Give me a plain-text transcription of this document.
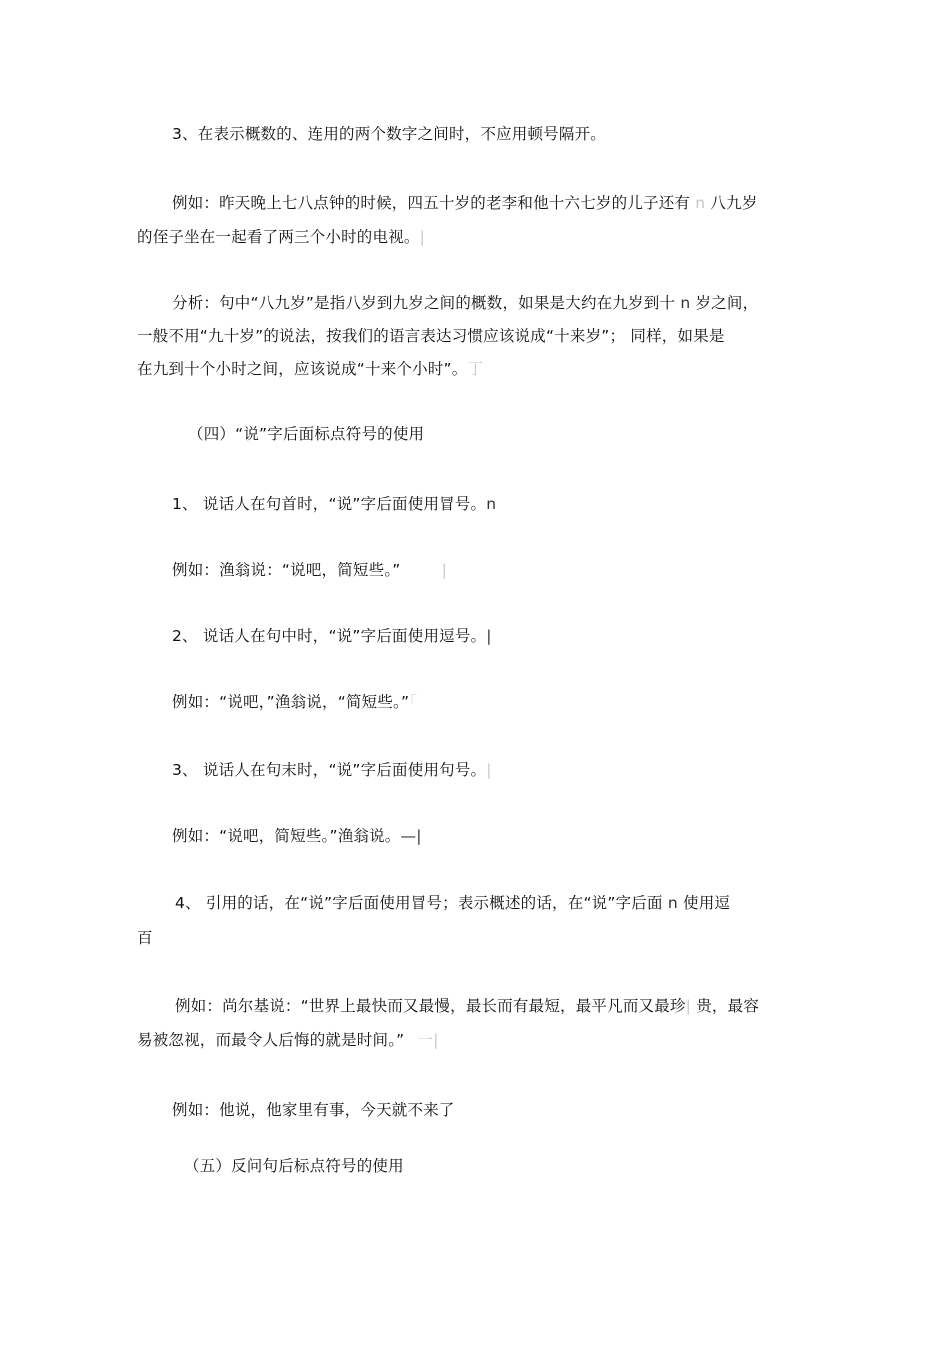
3、在表示概数的、连用的两个数字之间时，不应用顿号隔开。
例如：昨天晚上七八点钟的时候，四五十岁的老李和他十六七岁的儿子还有 n 八九岁
的侄子坐在一起看了两三个小时的电视。|
分析：句中“八九岁”是指八岁到九岁之间的概数，如果是大约在九岁到十 n 岁之间，
一般不用“九十岁”的说法，按我们的语言表达习惯应该说成“十来岁”； 同样，如果是
在九到十个小时之间，应该说成“十来个小时”。丁
（四）“说”字后面标点符号的使用
1、 说话人在句首时，“说”字后面使用冒号。n
例如：渔翁说：“说吧，简短些。”	|
2、 说话人在句中时，“说”字后面使用逗号。|
例如：“说吧，”渔翁说，“简短些。”「
3、 说话人在句末时，“说”字后面使用句号。|
例如：“说吧，简短些。”渔翁说。—|
4、 引用的话，在“说”字后面使用冒号；表示概述的话，在“说”字后面 n 使用逗
百
例如：尚尔基说：“世界上最快而又最慢，最长而有最短，最平凡而又最珍| 贵，最容
易被忽视，而最令人后悔的就是时间。” 一|
例如：他说，他家里有事，今天就不来了
（五）反问句后标点符号的使用
